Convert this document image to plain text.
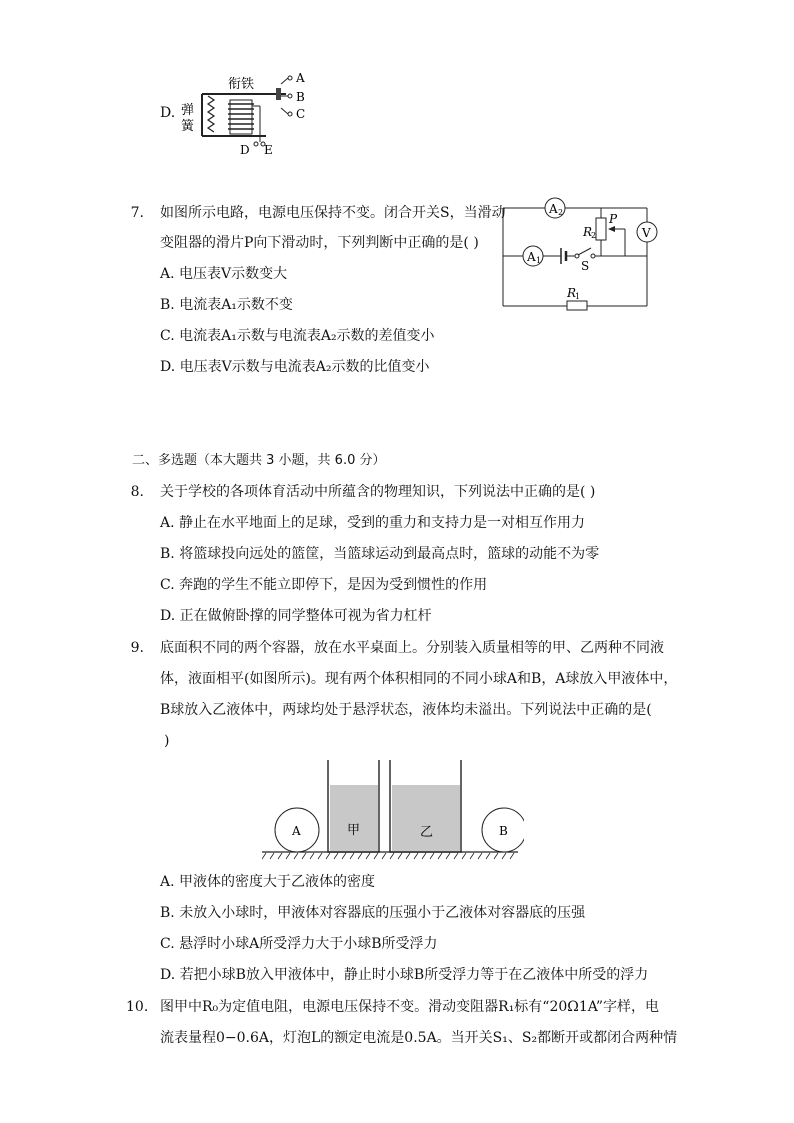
D. 弹
簧
衔铁	A
B
C
D E
7. 如图所示电路，电源电压保持不变。闭合开关S，当滑动
变阻器的滑片P向下滑动时，下列判断中正确的是( )
A. 电压表V示数变大
B. 电流表A₁示数不变
C. 电流表A₁示数与电流表A₂示数的差值变小
D. 电压表V示数与电流表A₂示数的比值变小
A 2
V
A 1	S
R
2
P
R
1
二、多选题（本大题共 3 小题，共 6.0 分）
8. 关于学校的各项体育活动中所蕴含的物理知识，下列说法中正确的是( )
A. 静止在水平地面上的足球，受到的重力和支持力是一对相互作用力
B. 将篮球投向远处的篮筐，当篮球运动到最高点时，篮球的动能不为零
C. 奔跑的学生不能立即停下，是因为受到惯性的作用
D. 正在做俯卧撑的同学整体可视为省力杠杆
9. 底面积不同的两个容器，放在水平桌面上。分别装入质量相等的甲、乙两种不同液
体，液面相平(如图所示)。现有两个体积相同的不同小球A和B，A球放入甲液体中，
B球放入乙液体中，两球均处于悬浮状态，液体均未溢出。下列说法中正确的是(
)
A	甲	乙	B
A. 甲液体的密度大于乙液体的密度
B. 未放入小球时，甲液体对容器底的压强小于乙液体对容器底的压强
C. 悬浮时小球A所受浮力大于小球B所受浮力
D. 若把小球B放入甲液体中，静止时小球B所受浮力等于在乙液体中所受的浮力
10. 图甲中R₀为定值电阻，电源电压保持不变。滑动变阻器R₁标有“20Ω1A”字样，电
流表量程0−0.6A，灯泡L的额定电流是0.5A。当开关S₁、S₂都断开或都闭合两种情
